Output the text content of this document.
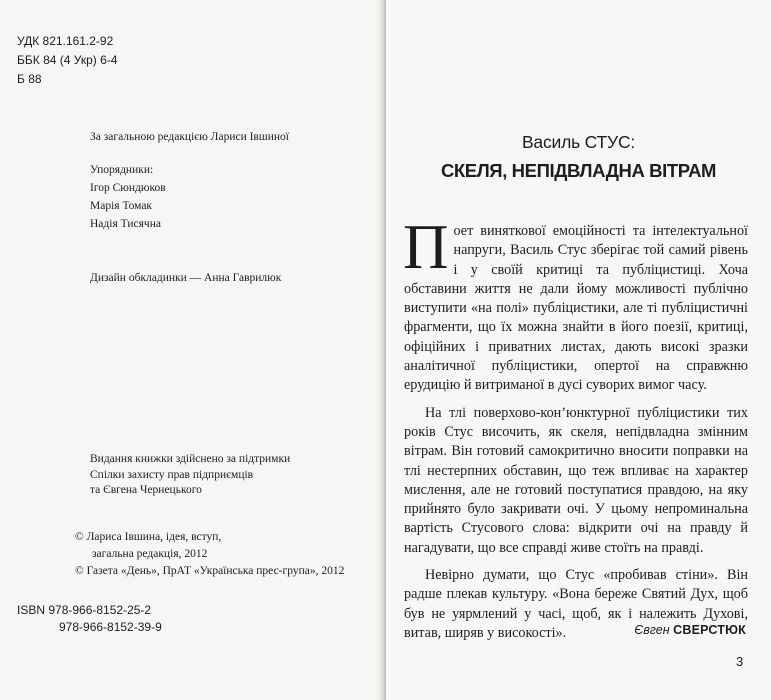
УДК 821.161.2-92
ББК 84 (4 Укр) 6-4
Б 88
За загальною редакцією Лариси Івшиної
Упорядники:
Ігор Сюндюков
Марія Томак
Надія Тисячна
Дизайн обкладинки — Анна Гаврилюк
Видання книжки здійснено за підтримки
Спілки захисту прав підприємців
та Євгена Чернецького
© Лариса Івшина, ідея, вступ,
загальна редакція, 2012
© Газета «День», ПрАТ «Українська прес-група», 2012
ISBN 978-966-8152-25-2
978-966-8152-39-9
Василь СТУС:
СКЕЛЯ, НЕПІДВЛАДНА ВІТРАМ

Поет виняткової емоційності та інтелектуальної напруги, Василь Стус зберігає той самий рівень і у своїй критиці та публіцистиці. Хоча обставини життя не дали йому можливості публічно виступити «на полі» публіцистики, але ті публіцистичні фрагменти, що їх можна знайти в його поезії, критиці, офіційних і приватних листах, дають високі зразки аналітичної публіцистики, опертої на справжню ерудицію й витриманої в дусі суворих вимог часу.

На тлі поверхово-кон’юнктурної публіцистики тих років Стус височить, як скеля, непідвладна змінним вітрам. Він готовий самокритично вносити поправки на тлі нестерпних обставин, що теж впливає на характер мислення, але не готовий поступатися правдою, на яку прийнято було закривати очі. У цьому непроминальна вартість Стусового слова: відкрити очі на правду й нагадувати, що все справді живе стоїть на правді.

Невірно думати, що Стус «пробивав стіни». Він радше плекав культуру. «Вона береже Святий Дух, щоб був не уярмлений у часі, щоб, як і належить Духові, витав, ширяв у високості».	Євген СВЕРСТЮК
3
